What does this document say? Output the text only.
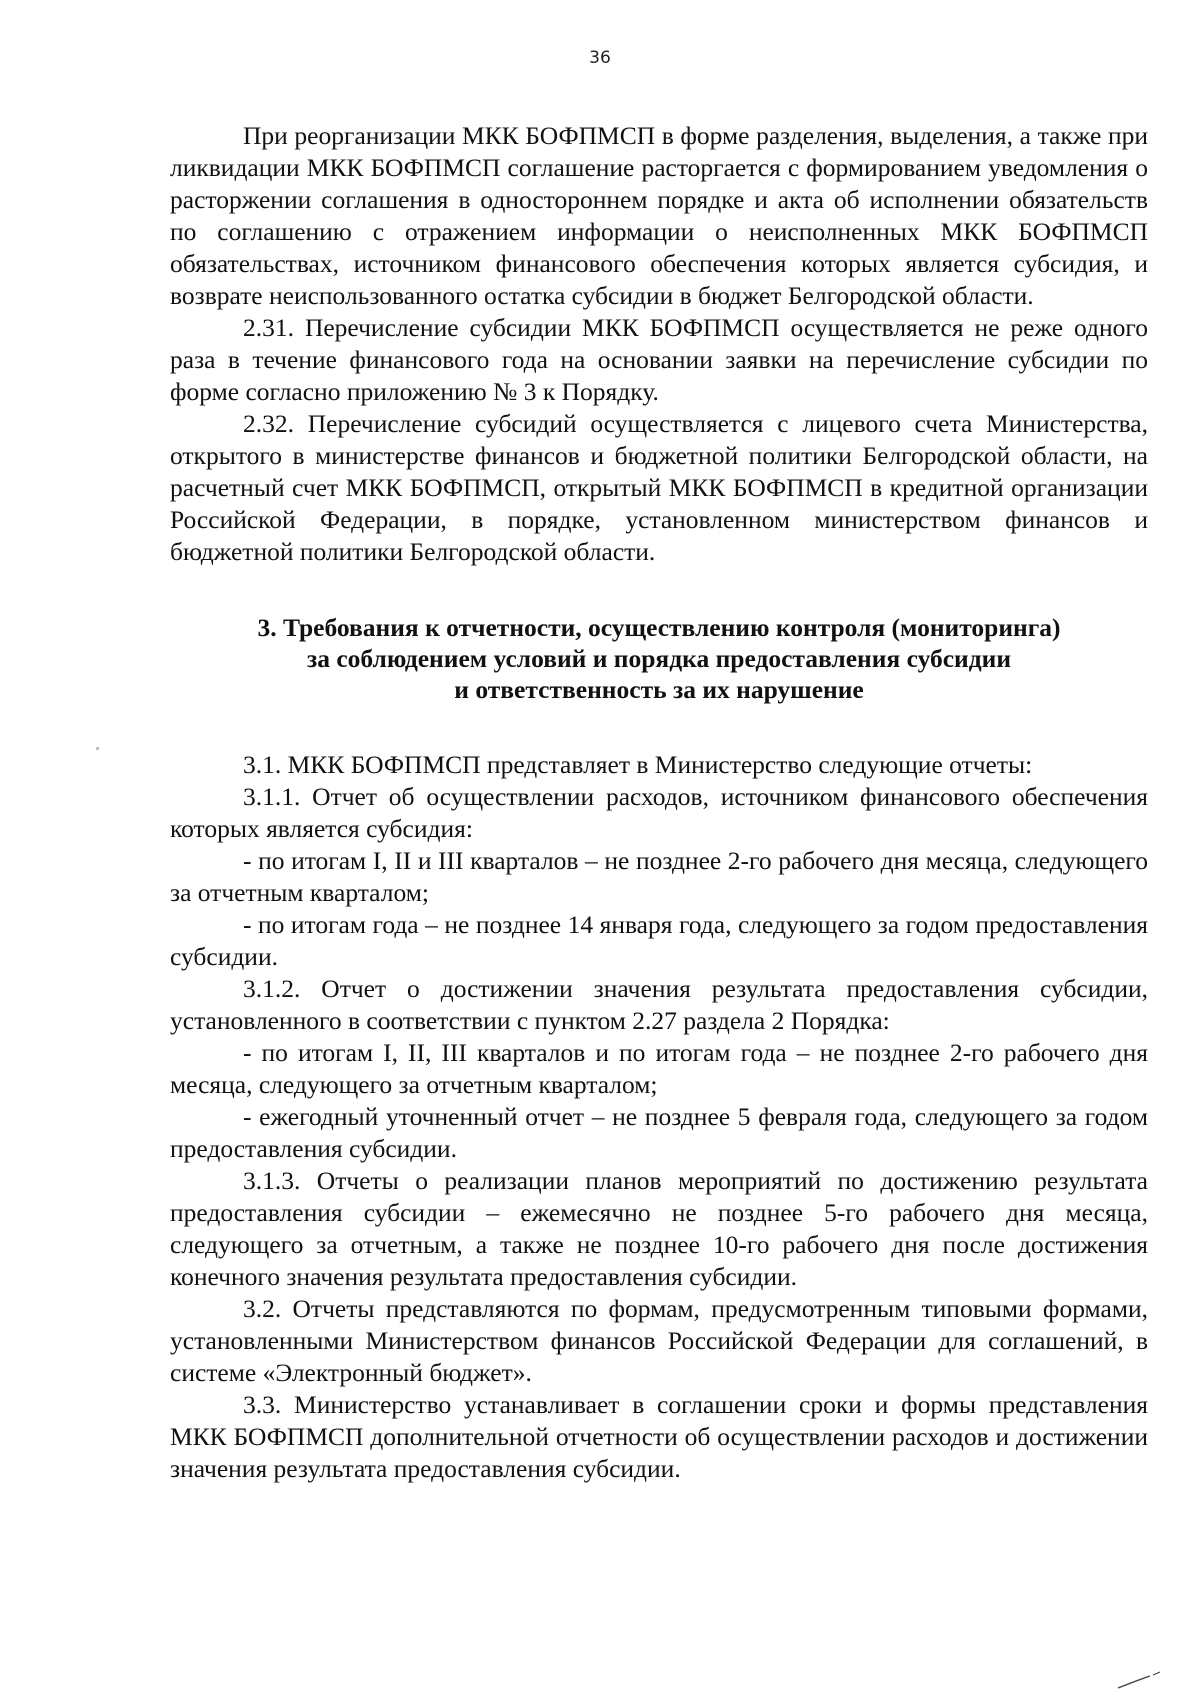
36

При реорганизации МКК БОФПМСП в форме разделения, выделения, а также при ликвидации МКК БОФПМСП соглашение расторгается с формированием уведомления о расторжении соглашения в одностороннем порядке и акта об исполнении обязательств по соглашению с отражением информации о неисполненных МКК БОФПМСП обязательствах, источником финансового обеспечения которых является субсидия, и возврате неиспользованного остатка субсидии в бюджет Белгородской области.

2.31. Перечисление субсидии МКК БОФПМСП осуществляется не реже одного раза в течение финансового года на основании заявки на перечисление субсидии по форме согласно приложению № 3 к Порядку.

2.32. Перечисление субсидий осуществляется с лицевого счета Министерства, открытого в министерстве финансов и бюджетной политики Белгородской области, на расчетный счет МКК БОФПМСП, открытый МКК БОФПМСП в кредитной организации Российской Федерации, в порядке, установленном министерством финансов и бюджетной политики Белгородской области.

3. Требования к отчетности, осуществлению контроля (мониторинга)

за соблюдением условий и порядка предоставления субсидии

и ответственность за их нарушение

3.1. МКК БОФПМСП представляет в Министерство следующие отчеты:

3.1.1. Отчет об осуществлении расходов, источником финансового обеспечения которых является субсидия:

- по итогам I, II и III кварталов – не позднее 2-го рабочего дня месяца, следующего за отчетным кварталом;

- по итогам года – не позднее 14 января года, следующего за годом предоставления субсидии.

3.1.2. Отчет о достижении значения результата предоставления субсидии, установленного в соответствии с пунктом 2.27 раздела 2 Порядка:

- по итогам I, II, III кварталов и по итогам года – не позднее 2-го рабочего дня месяца, следующего за отчетным кварталом;

- ежегодный уточненный отчет – не позднее 5 февраля года, следующего за годом предоставления субсидии.

3.1.3. Отчеты о реализации планов мероприятий по достижению результата предоставления субсидии – ежемесячно не позднее 5-го рабочего дня месяца, следующего за отчетным, а также не позднее 10-го рабочего дня после достижения конечного значения результата предоставления субсидии.

3.2. Отчеты представляются по формам, предусмотренным типовыми формами, установленными Министерством финансов Российской Федерации для соглашений, в системе «Электронный бюджет».

3.3. Министерство устанавливает в соглашении сроки и формы представления МКК БОФПМСП дополнительной отчетности об осуществлении расходов и достижении значения результата предоставления субсидии.
